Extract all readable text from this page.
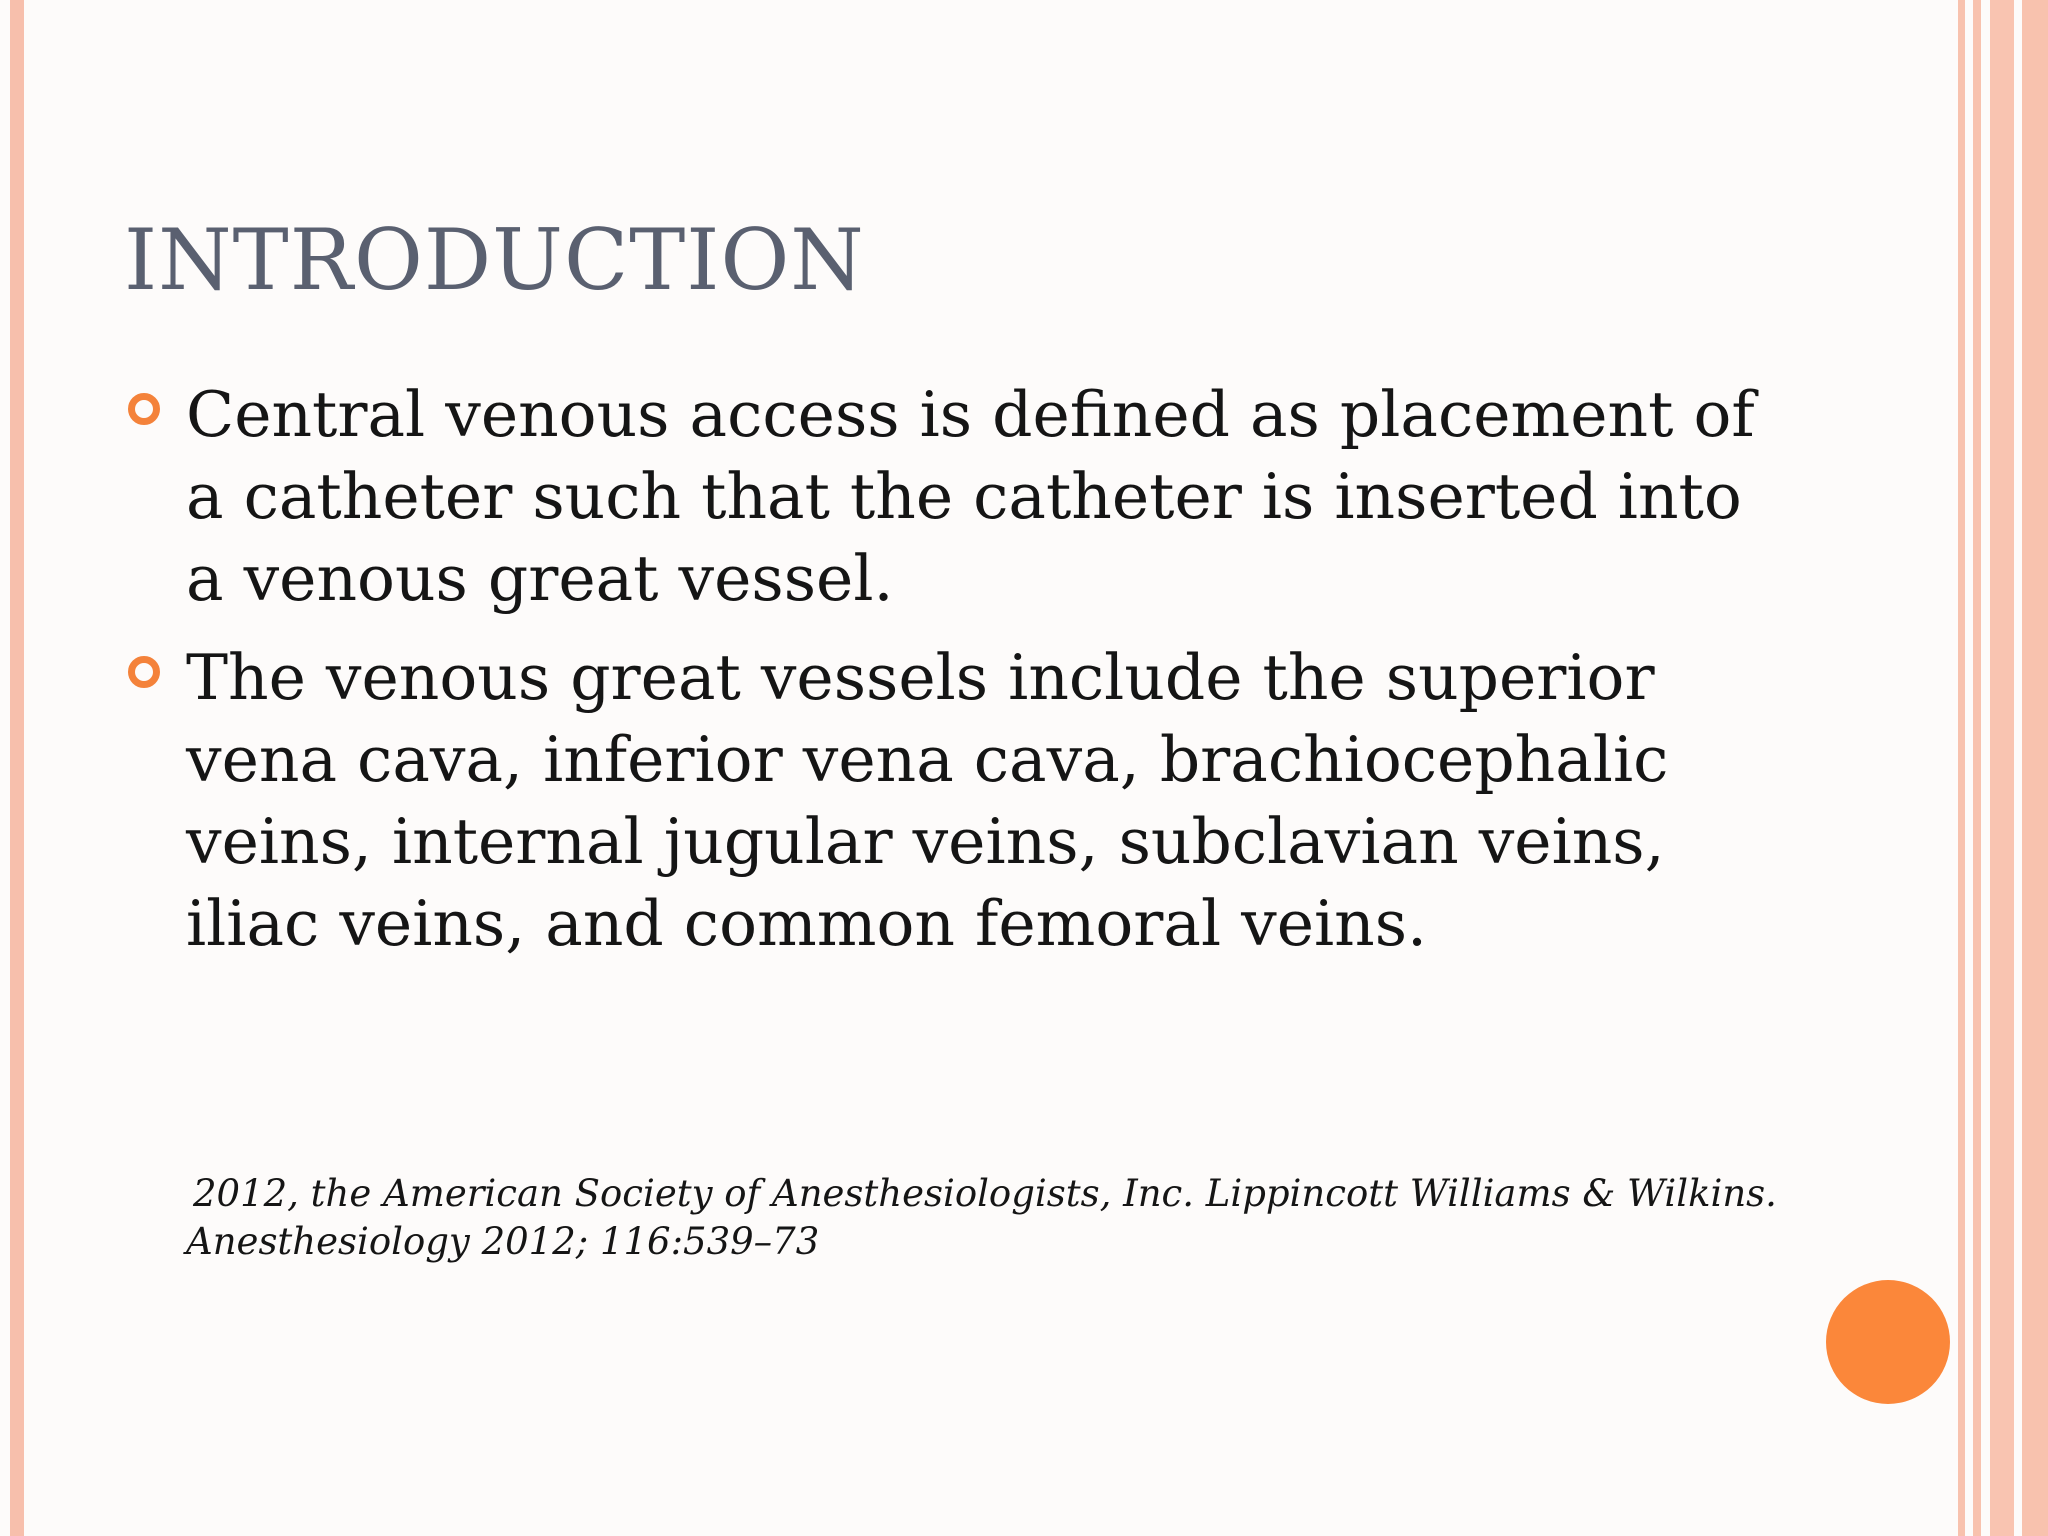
INTRODUCTION

Central venous access is defined as placement of

a catheter such that the catheter is inserted into

a venous great vessel.

The venous great vessels include the superior

vena cava, inferior vena cava, brachiocephalic

veins, internal jugular veins, subclavian veins,

iliac veins, and common femoral veins.

2012, the American Society of Anesthesiologists, Inc. Lippincott Williams & Wilkins.
Anesthesiology 2012; 116:539–73
